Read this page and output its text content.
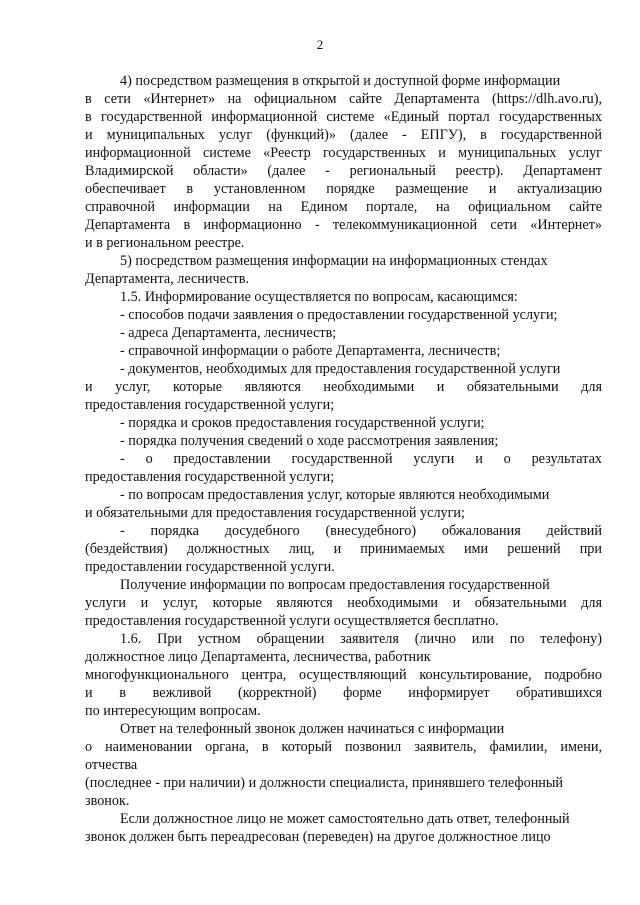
2
4) посредством размещения в открытой и доступной форме информации
в сети «Интернет» на официальном сайте Департамента (https://dlh.avo.ru),
в государственной информационной системе «Единый портал государственных
и муниципальных услуг (функций)» (далее - ЕПГУ), в государственной
информационной системе «Реестр государственных и муниципальных услуг
Владимирской области» (далее - региональный реестр). Департамент
обеспечивает в установленном порядке размещение и актуализацию
справочной информации на Едином портале, на официальном сайте
Департамента в информационно - телекоммуникационной сети «Интернет»
и в региональном реестре.
5) посредством размещения информации на информационных стендах
Департамента, лесничеств.
1.5. Информирование осуществляется по вопросам, касающимся:
- способов подачи заявления о предоставлении государственной услуги;
- адреса Департамента, лесничеств;
- справочной информации о работе Департамента, лесничеств;
- документов, необходимых для предоставления государственной услуги
и услуг, которые являются необходимыми и обязательными для
предоставления государственной услуги;
- порядка и сроков предоставления государственной услуги;
- порядка получения сведений о ходе рассмотрения заявления;
- о предоставлении государственной услуги и о результатах
предоставления государственной услуги;
- по вопросам предоставления услуг, которые являются необходимыми
и обязательными для предоставления государственной услуги;
- порядка досудебного (внесудебного) обжалования действий
(бездействия) должностных лиц, и принимаемых ими решений при
предоставлении государственной услуги.
Получение информации по вопросам предоставления государственной
услуги и услуг, которые являются необходимыми и обязательными для
предоставления государственной услуги осуществляется бесплатно.
1.6. При устном обращении заявителя (лично или по телефону)
должностное лицо Департамента, лесничества, работник
многофункционального центра, осуществляющий консультирование, подробно
и в вежливой (корректной) форме информирует обратившихся
по интересующим вопросам.
Ответ на телефонный звонок должен начинаться с информации
о наименовании органа, в который позвонил заявитель, фамилии, имени,
отчества
(последнее - при наличии) и должности специалиста, принявшего телефонный
звонок.
Если должностное лицо не может самостоятельно дать ответ, телефонный
звонок должен быть переадресован (переведен) на другое должностное лицо
